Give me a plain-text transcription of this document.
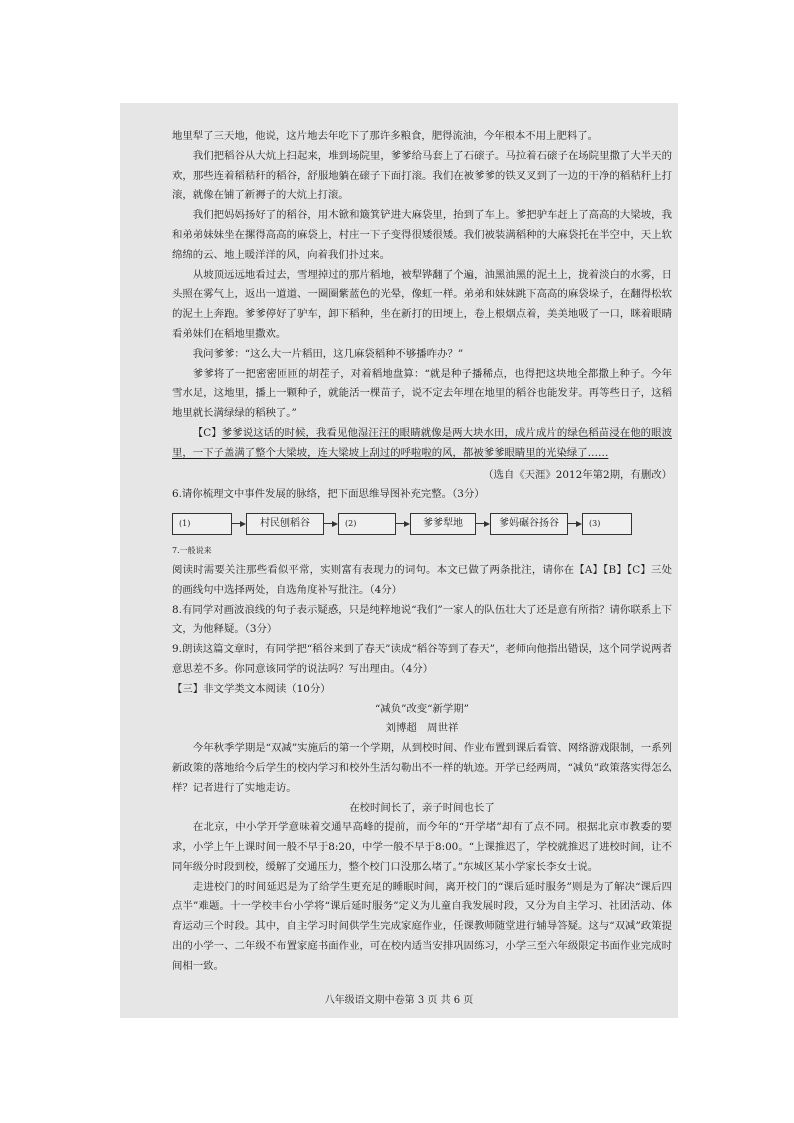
地里犁了三天地，他说，这片地去年吃下了那许多粮食，肥得流油，今年根本不用上肥料了。

我们把稻谷从大炕上扫起来，堆到场院里，爹爹给马套上了石磙子。马拉着石磙子在场院里撒了大半天的欢，那些连着稻秸秆的稻谷，舒服地躺在磙子下面打滚。我们在被爹爹的铁叉叉到了一边的干净的稻秸秆上打滚，就像在铺了新褥子的大炕上打滚。

我们把妈妈扬好了的稻谷，用木锨和簸箕铲进大麻袋里，抬到了车上。爹把驴车赶上了高高的大梁坡，我和弟弟妹妹坐在摞得高高的麻袋上，村庄一下子变得很矮很矮。我们被装满稻种的大麻袋托在半空中，天上软绵绵的云、地上暖洋洋的风，向着我们扑过来。

从坡顶远远地看过去，雪埋掉过的那片稻地，被犁铧翻了个遍，油黑油黑的泥土上，拢着淡白的水雾，日头照在雾气上，返出一道道、一圈圈紫蓝色的光晕，像虹一样。弟弟和妹妹跳下高高的麻袋垛子，在翻得松软的泥土上奔跑。爹爹停好了驴车，卸下稻种，坐在新打的田埂上，卷上根烟点着，美美地吸了一口，眯着眼睛看弟妹们在稻地里撒欢。

我问爹爹：“这么大一片稻田，这几麻袋稻种不够播咋办？”

爹爹将了一把密密匝匝的胡茬子，对着稻地盘算：“就是种子播稀点，也得把这块地全都撒上种子。今年雪水足，这地里，播上一颗种子，就能活一棵苗子，说不定去年埋在地里的稻谷也能发芽。再等些日子，这稻地里就长满绿绿的稻秧了。”

【C】爹爹说这话的时候，我看见他湿汪汪的眼睛就像是两大块水田，成片成片的绿色稻苗浸在他的眼波里，一下子盖满了整个大梁坡，连大梁坡上刮过的呼啦啦的风，都被爹爹眼睛里的光染绿了……

（选自《天涯》2012年第2期，有删改）

6.请你梳理文中事件发展的脉络，把下面思维导图补充完整。（3分）

(1)	村民刨稻谷	(2)	爹爹犁地	爹妈碾谷扬谷	(3)

7.一般说来

阅读时需要关注那些看似平常，实则富有表现力的词句。本文已做了两条批注，请你在【A】【B】【C】三处的画线句中选择两处，自选角度补写批注。（4分）

8.有同学对画波浪线的句子表示疑惑，只是纯粹地说“我们”一家人的队伍壮大了还是意有所指？请你联系上下文，为他释疑。（3分）

9.朗读这篇文章时，有同学把“稻谷来到了春天”读成“稻谷等到了春天”，老师向他指出错误，这个同学说两者意思差不多。你同意该同学的说法吗？写出理由。（4分）

【三】非文学类文本阅读（10分）

“减负”改变“新学期”

刘博超　周世祥

今年秋季学期是“双减”实施后的第一个学期，从到校时间、作业布置到课后看管、网络游戏限制，一系列新政策的落地给今后学生的校内学习和校外生活勾勒出不一样的轨迹。开学已经两周，“减负”政策落实得怎么样？记者进行了实地走访。

在校时间长了，亲子时间也长了

在北京，中小学开学意味着交通早高峰的提前，而今年的“开学堵”却有了点不同。根据北京市教委的要求，小学上午上课时间一般不早于8:20，中学一般不早于8:00。“上课推迟了，学校就推迟了进校时间，让不同年级分时段到校，缓解了交通压力，整个校门口没那么堵了。”东城区某小学家长李女士说。

走进校门的时间延迟是为了给学生更充足的睡眠时间，离开校门的“课后延时服务”则是为了解决“课后四点半”难题。十一学校丰台小学将“课后延时服务”定义为儿童自我发展时段，又分为自主学习、社团活动、体育运动三个时段。其中，自主学习时间供学生完成家庭作业，任课教师随堂进行辅导答疑。这与“双减”政策提出的小学一、二年级不布置家庭书面作业，可在校内适当安排巩固练习，小学三至六年级限定书面作业完成时间相一致。

八年级语文期中卷第 3 页 共 6 页
